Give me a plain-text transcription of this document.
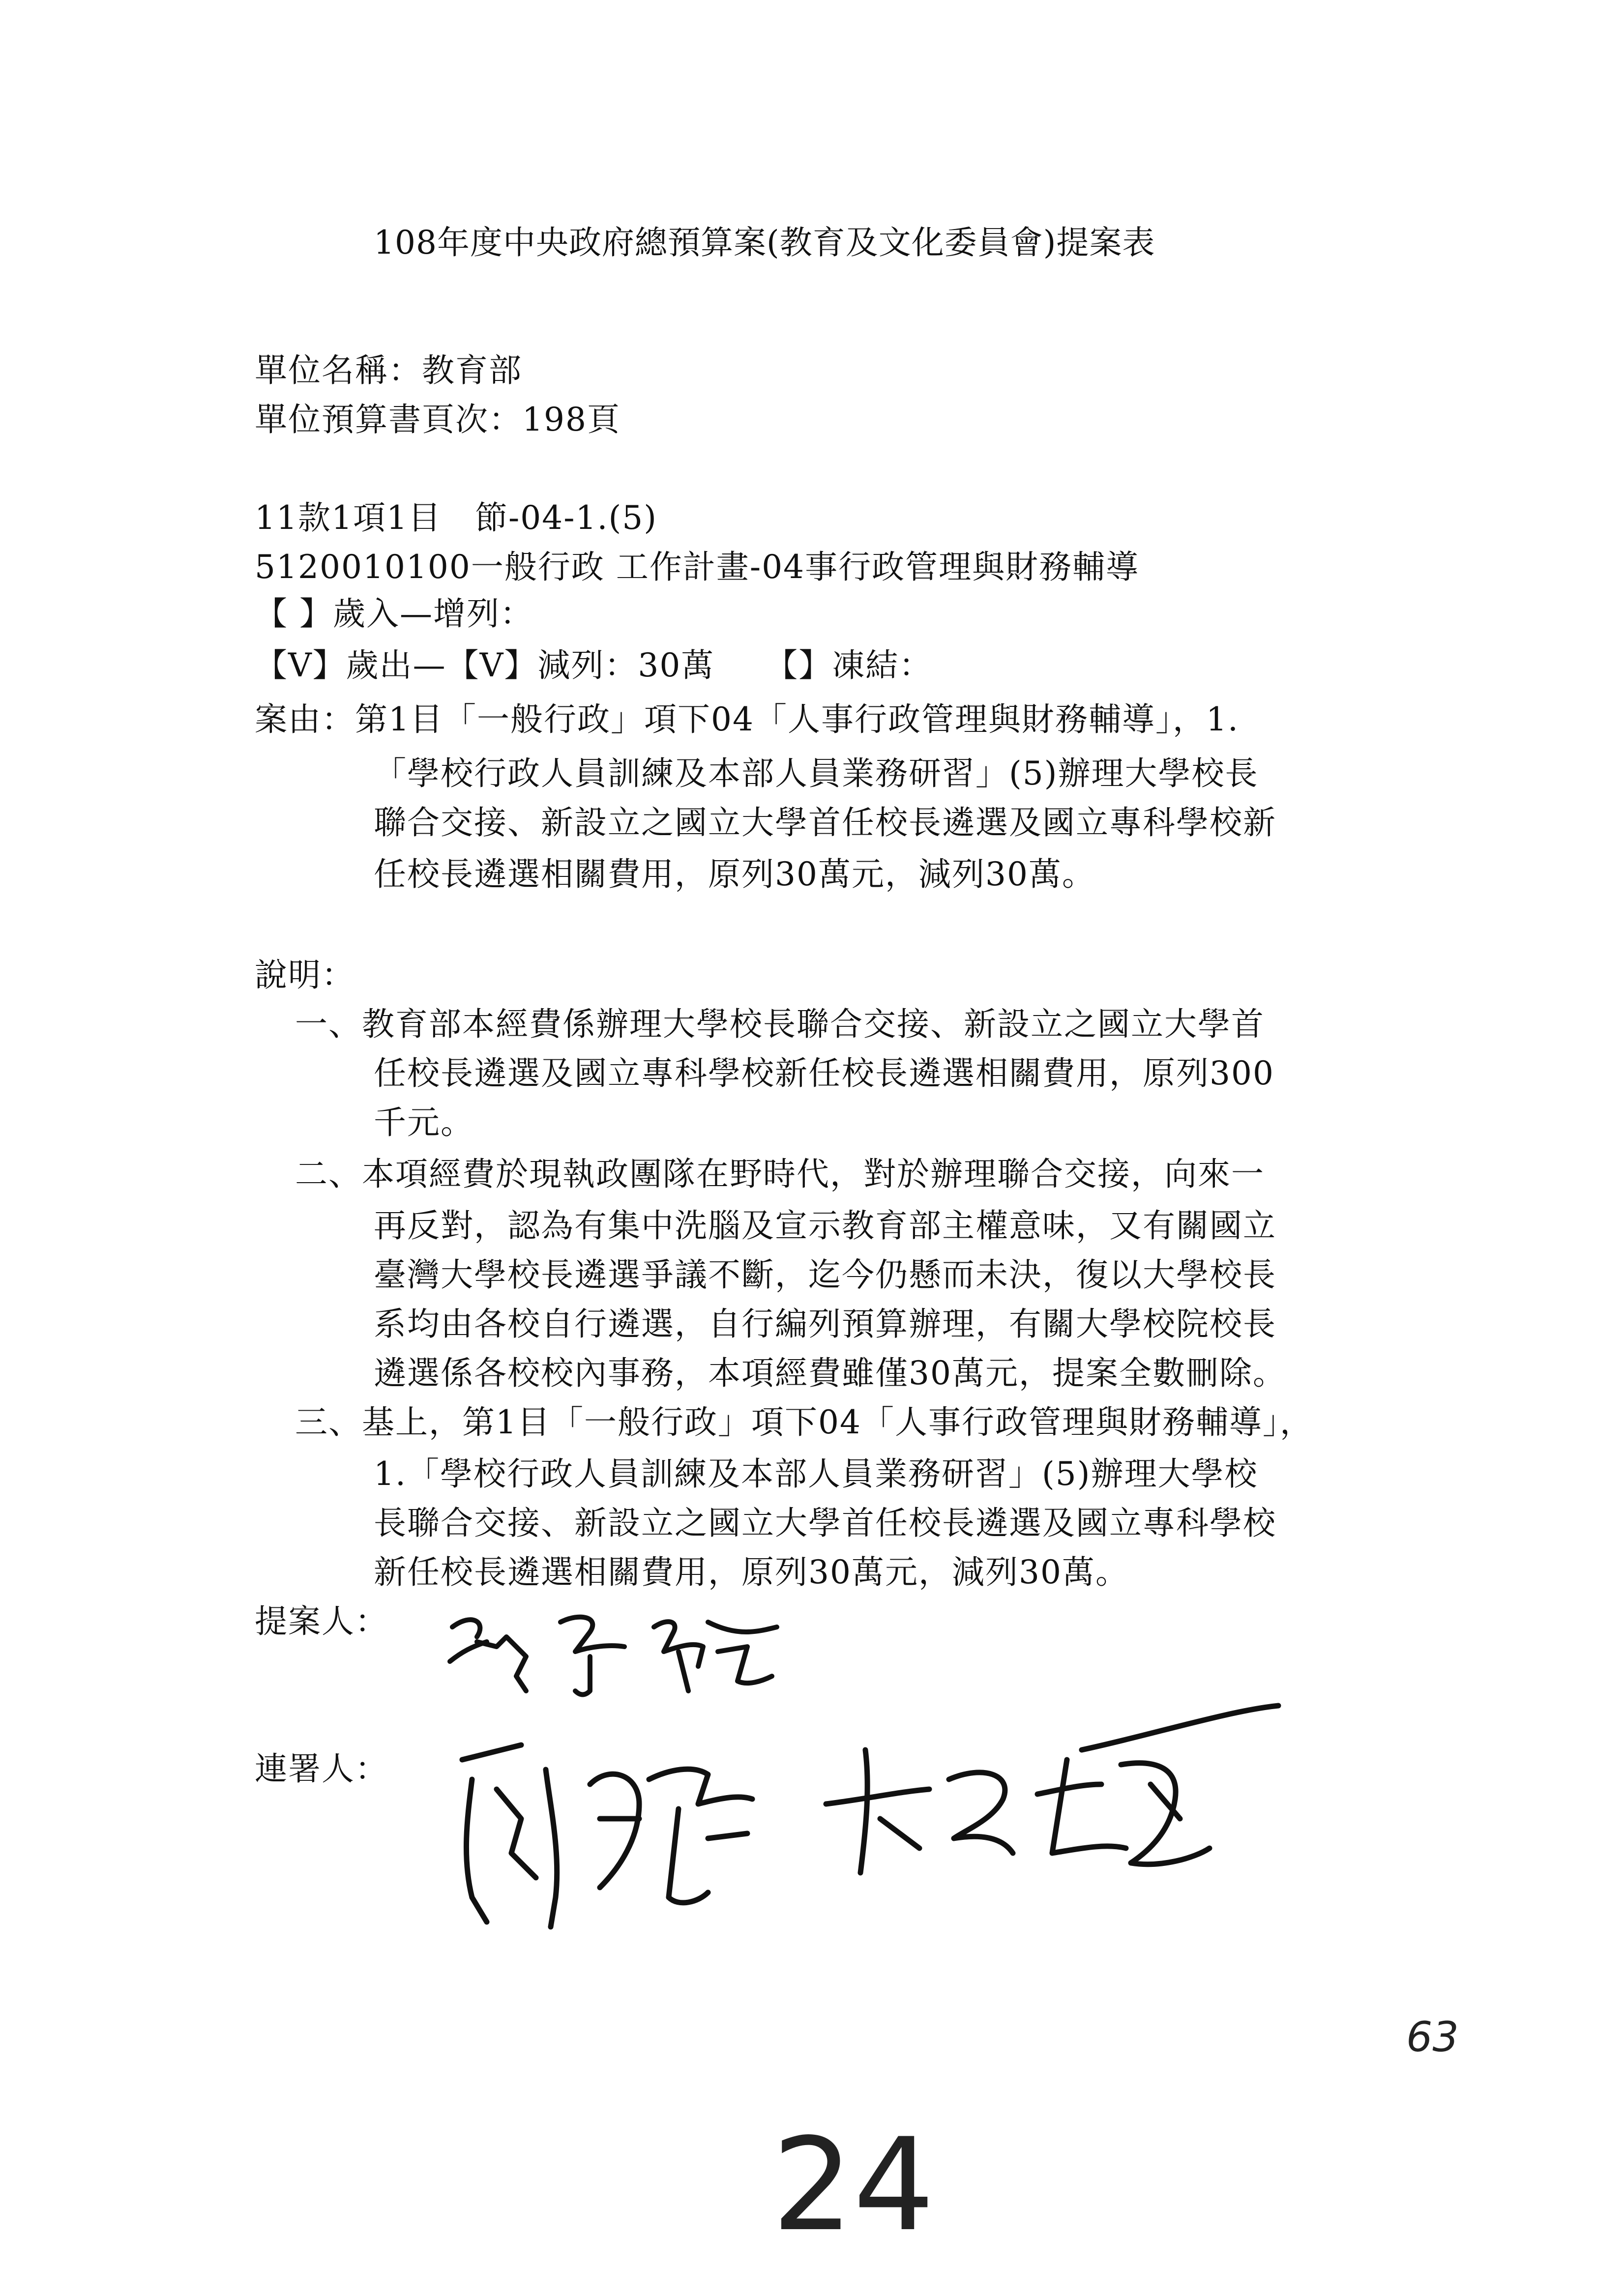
108年度中央政府總預算案(教育及文化委員會)提案表
單位名稱：教育部
單位預算書頁次：198頁
11款1項1目　節-04-1.(5)
5120010100一般行政 工作計畫-04事行政管理與財務輔導
【 】歲入—增列：
【V】歲出—【V】減列：30萬　　【】凍結：
案由：第1目「一般行政」項下04「人事行政管理與財務輔導」，1.
「學校行政人員訓練及本部人員業務研習」(5)辦理大學校長
聯合交接、新設立之國立大學首任校長遴選及國立專科學校新
任校長遴選相關費用，原列30萬元，減列30萬。
說明：
一、教育部本經費係辦理大學校長聯合交接、新設立之國立大學首
任校長遴選及國立專科學校新任校長遴選相關費用，原列300
千元。
二、本項經費於現執政團隊在野時代，對於辦理聯合交接，向來一
再反對，認為有集中洗腦及宣示教育部主權意味，又有關國立
臺灣大學校長遴選爭議不斷，迄今仍懸而未決，復以大學校長
系均由各校自行遴選，自行編列預算辦理，有關大學校院校長
遴選係各校校內事務，本項經費雖僅30萬元，提案全數刪除。
三、基上，第1目「一般行政」項下04「人事行政管理與財務輔導」，
1.「學校行政人員訓練及本部人員業務研習」(5)辦理大學校
長聯合交接、新設立之國立大學首任校長遴選及國立專科學校
新任校長遴選相關費用，原列30萬元，減列30萬。
提案人：
連署人：
63
24
